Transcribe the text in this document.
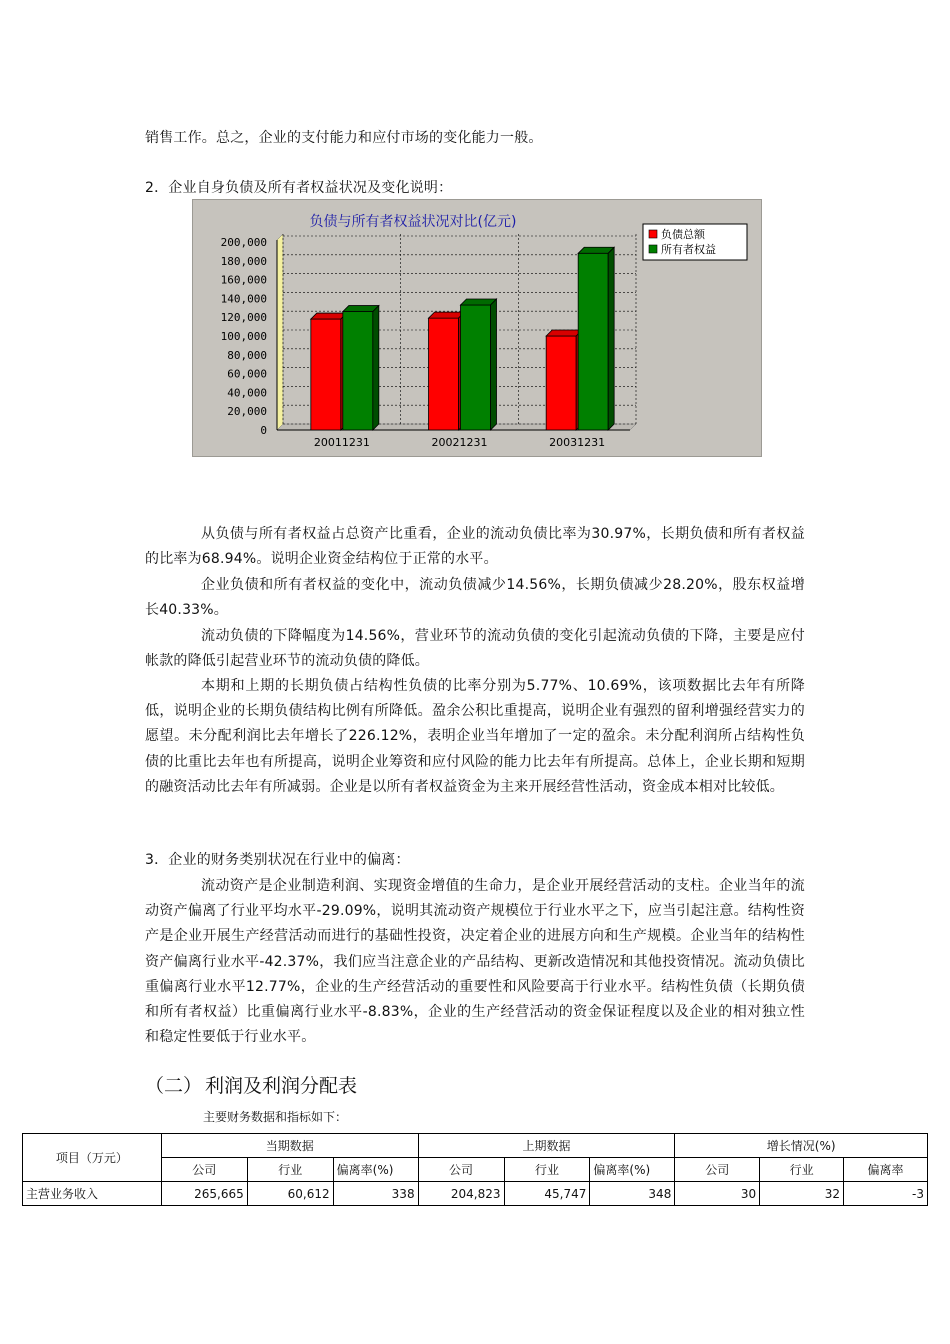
销售工作。总之，企业的支付能力和应付市场的变化能力一般。
2．企业自身负债及所有者权益状况及变化说明：
负债与所有者权益状况对比(亿元)
0
20,000
40,000
60,000
80,000
100,000
120,000
140,000
160,000
180,000
200,000
20011231	20021231	20031231
负债总额
所有者权益
从负债与所有者权益占总资产比重看，企业的流动负债比率为30.97%，长期负债和所有者权益的比率为68.94%。说明企业资金结构位于正常的水平。
企业负债和所有者权益的变化中，流动负债减少14.56%，长期负债减少28.20%，股东权益增长40.33%。
流动负债的下降幅度为14.56%，营业环节的流动负债的变化引起流动负债的下降，主要是应付帐款的降低引起营业环节的流动负债的降低。
本期和上期的长期负债占结构性负债的比率分别为5.77%、10.69%，该项数据比去年有所降低，说明企业的长期负债结构比例有所降低。盈余公积比重提高，说明企业有强烈的留利增强经营实力的愿望。未分配利润比去年增长了226.12%，表明企业当年增加了一定的盈余。未分配利润所占结构性负债的比重比去年也有所提高，说明企业筹资和应付风险的能力比去年有所提高。总体上，企业长期和短期的融资活动比去年有所减弱。企业是以所有者权益资金为主来开展经营性活动，资金成本相对比较低。
3．企业的财务类别状况在行业中的偏离：
流动资产是企业制造利润、实现资金增值的生命力，是企业开展经营活动的支柱。企业当年的流动资产偏离了行业平均水平-29.09%，说明其流动资产规模位于行业水平之下，应当引起注意。结构性资产是企业开展生产经营活动而进行的基础性投资，决定着企业的进展方向和生产规模。企业当年的结构性资产偏离行业水平-42.37%，我们应当注意企业的产品结构、更新改造情况和其他投资情况。流动负债比重偏离行业水平12.77%，企业的生产经营活动的重要性和风险要高于行业水平。结构性负债（长期负债和所有者权益）比重偏离行业水平-8.83%，企业的生产经营活动的资金保证程度以及企业的相对独立性和稳定性要低于行业水平。
（二） 利润及利润分配表
主要财务数据和指标如下：
项目（万元）	当期数据			上期数据			增长情况(%)		
	公司	行业	偏离率(%)	公司	行业	偏离率(%)	公司	行业	偏离率
主营业务收入	265,665	60,612	338	204,823	45,747	348	30	32	-3
